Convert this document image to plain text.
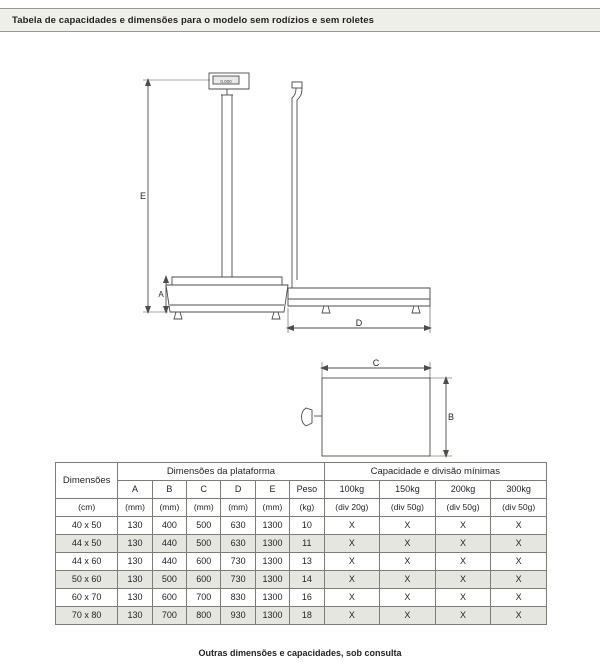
Tabela de capacidades e dimensões para o modelo sem rodízios e sem roletes
E
A
D
C
B
0.000
Dimensões	Dimensões da plataforma						Capacidade e divisão mínimas			
	A	B	C	D	E	Peso	100kg	150kg	200kg	300kg
(cm)	(mm)	(mm)	(mm)	(mm)	(mm)	(kg)	(div 20g)	(div 50g)	(div 50g)	(div 50g)
40 x 50	130	400	500	630	1300	10	X	X	X	X
44 x 50	130	440	500	630	1300	11	X	X	X	X
44 x 60	130	440	600	730	1300	13	X	X	X	X
50 x 60	130	500	600	730	1300	14	X	X	X	X
60 x 70	130	600	700	830	1300	16	X	X	X	X
70 x 80	130	700	800	930	1300	18	X	X	X	X
Outras dimensões e capacidades, sob consulta
